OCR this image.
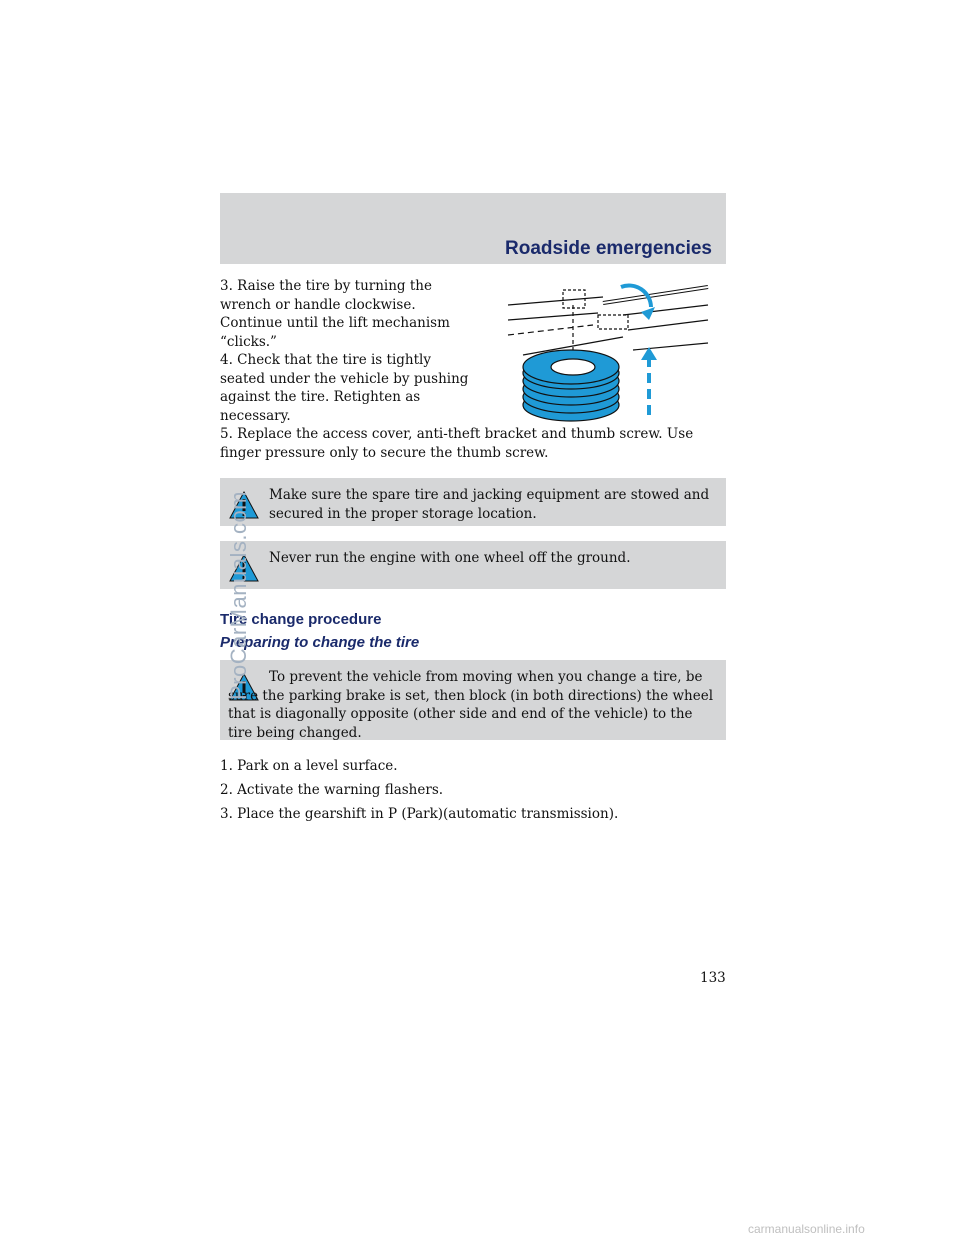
Roadside emergencies

3. Raise the tire by turning the wrench or handle clockwise. Continue until the lift mechanism “clicks.”

4. Check that the tire is tightly seated under the vehicle by pushing against the tire. Retighten as necessary.

5. Replace the access cover, anti-theft bracket and thumb screw. Use finger pressure only to secure the thumb screw.

Make sure the spare tire and jacking equipment are stowed and secured in the proper storage location.

Never run the engine with one wheel off the ground.

Tire change procedure
Preparing to change the tire

To prevent the vehicle from moving when you change a tire, be sure the parking brake is set, then block (in both directions) the wheel that is diagonally opposite (other side and end of the vehicle) to the tire being changed.

1. Park on a level surface.

2. Activate the warning flashers.

3. Place the gearshift in P (Park)(automatic transmission).

133
ProCarManuals.com
carmanualsonline.info
